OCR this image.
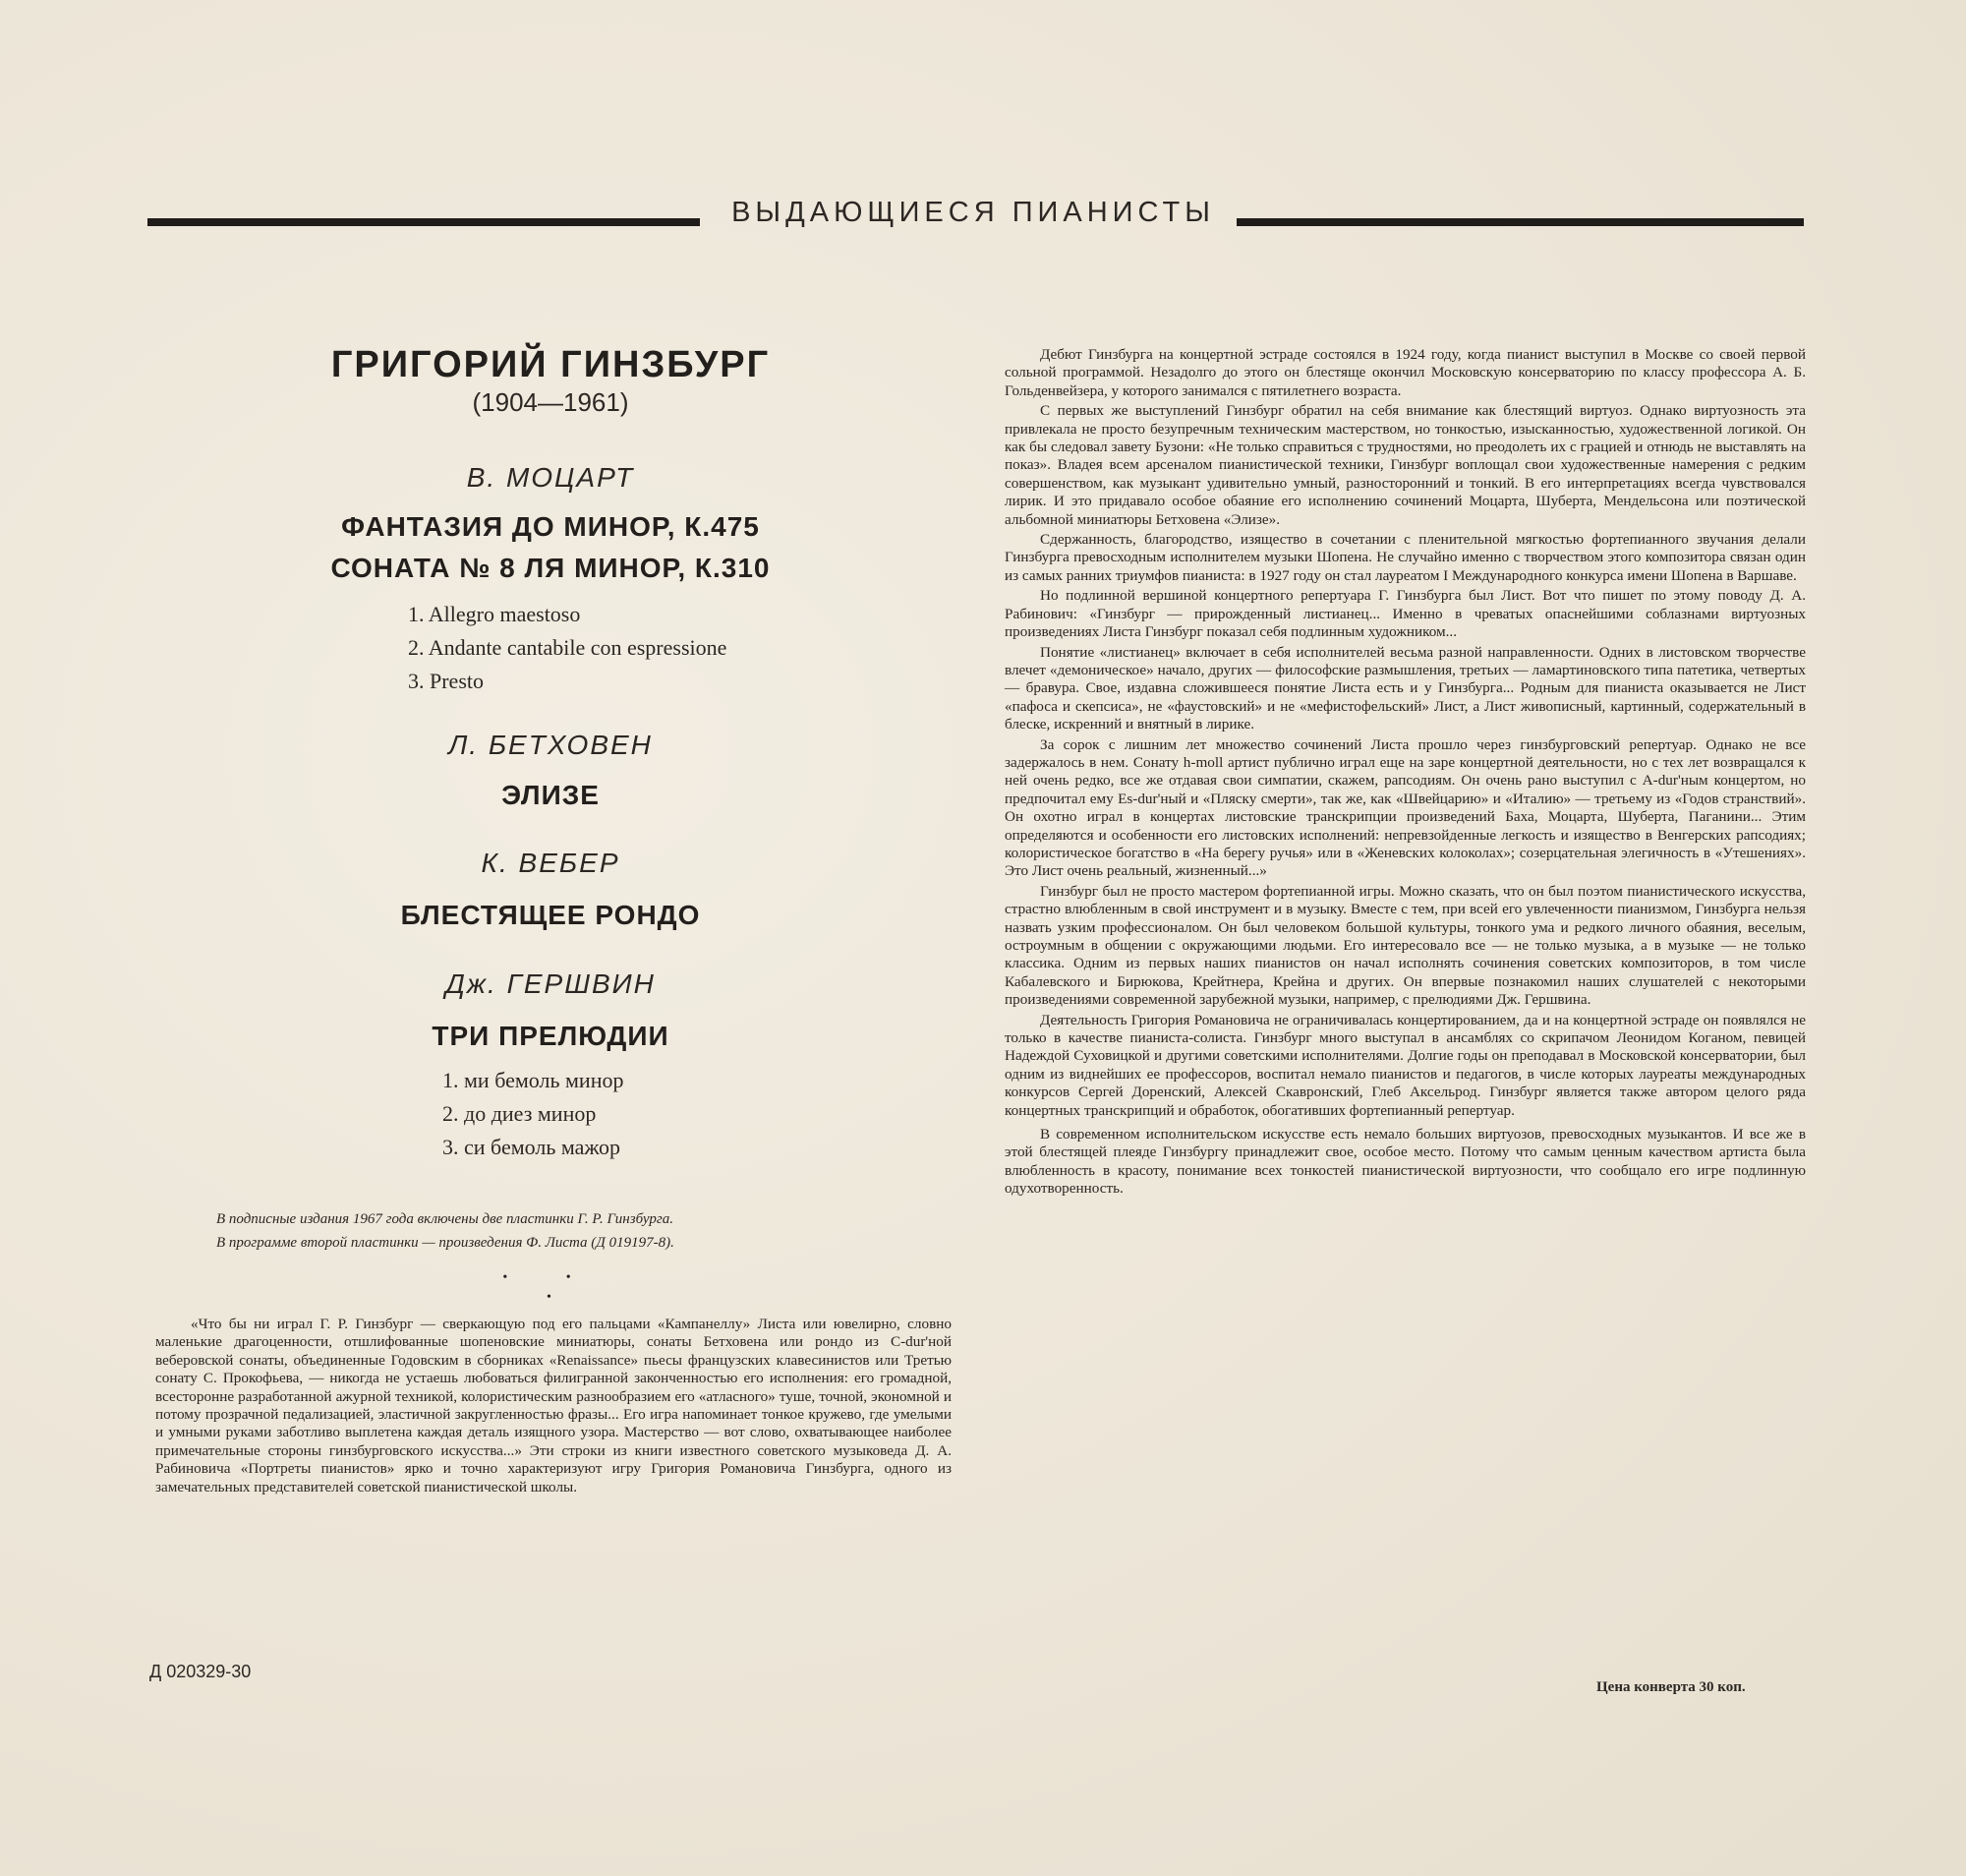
ВЫДАЮЩИЕСЯ ПИАНИСТЫ
ГРИГОРИЙ ГИНЗБУРГ
(1904—1961)
В. МОЦАРТ
ФАНТАЗИЯ ДО МИНОР, К.475
СОНАТА № 8 ЛЯ МИНОР, К.310
1. Allegro maestoso
2. Andante cantabile con espressione
3. Presto
Л. БЕТХОВЕН
ЭЛИЗЕ
К. ВЕБЕР
БЛЕСТЯЩЕЕ РОНДО
Дж. ГЕРШВИН
ТРИ ПРЕЛЮДИИ
1. ми бемоль минор
2. до диез минор
3. си бемоль мажор
В подписные издания 1967 года включены две пластинки Г. Р. Гинзбурга.
В программе второй пластинки — произведения Ф. Листа (Д 019197-8).
• •
•

«Что бы ни играл Г. Р. Гинзбург — сверкающую под его пальцами «Кампанеллу» Листа или ювелирно, словно маленькие драгоценности, отшлифованные шопеновские миниатюры, сонаты Бетховена или рондо из C-dur'ной веберовской сонаты, объединенные Годовским в сборниках «Renaissance» пьесы французских клавесинистов или Третью сонату С. Прокофьева, — никогда не устаешь любоваться филигранной законченностью его исполнения: его громадной, всесторонне разработанной ажурной техникой, колористическим разнообразием его «атласного» туше, точной, экономной и потому прозрачной педализацией, эластичной закругленностью фразы... Его игра напоминает тонкое кружево, где умелыми и умными руками заботливо выплетена каждая деталь изящного узора. Мастерство — вот слово, охватывающее наиболее примечательные стороны гинзбурговского искусства...» Эти строки из книги известного советского музыковеда Д. А. Рабиновича «Портреты пианистов» ярко и точно характеризуют игру Григория Романовича Гинзбурга, одного из замечательных представителей советской пианистической школы.

Д 020329-30

Дебют Гинзбурга на концертной эстраде состоялся в 1924 году, когда пианист выступил в Москве со своей первой сольной программой. Незадолго до этого он блестяще окончил Московскую консерваторию по классу профессора А. Б. Гольденвейзера, у которого занимался с пятилетнего возраста.

С первых же выступлений Гинзбург обратил на себя внимание как блестящий виртуоз. Однако виртуозность эта привлекала не просто безупречным техническим мастерством, но тонкостью, изысканностью, художественной логикой. Он как бы следовал завету Бузони: «Не только справиться с трудностями, но преодолеть их с грацией и отнюдь не выставлять на показ». Владея всем арсеналом пианистической техники, Гинзбург воплощал свои художественные намерения с редким совершенством, как музыкант удивительно умный, разносторонний и тонкий. В его интерпретациях всегда чувствовался лирик. И это придавало особое обаяние его исполнению сочинений Моцарта, Шуберта, Мендельсона или поэтической альбомной миниатюры Бетховена «Элизе».

Сдержанность, благородство, изящество в сочетании с пленительной мягкостью фортепианного звучания делали Гинзбурга превосходным исполнителем музыки Шопена. Не случайно именно с творчеством этого композитора связан один из самых ранних триумфов пианиста: в 1927 году он стал лауреатом I Международного конкурса имени Шопена в Варшаве.

Но подлинной вершиной концертного репертуара Г. Гинзбурга был Лист. Вот что пишет по этому поводу Д. А. Рабинович: «Гинзбург — прирожденный листианец... Именно в чреватых опаснейшими соблазнами виртуозных произведениях Листа Гинзбург показал себя подлинным художником...

Понятие «листианец» включает в себя исполнителей весьма разной направленности. Одних в листовском творчестве влечет «демоническое» начало, других — философские размышления, третьих — ламартиновского типа патетика, четвертых — бравура. Свое, издавна сложившееся понятие Листа есть и у Гинзбурга... Родным для пианиста оказывается не Лист «пафоса и скепсиса», не «фаустовский» и не «мефистофельский» Лист, а Лист живописный, картинный, содержательный в блеске, искренний и внятный в лирике.

За сорок с лишним лет множество сочинений Листа прошло через гинзбурговский репертуар. Однако не все задержалось в нем. Сонату h-moll артист публично играл еще на заре концертной деятельности, но с тех лет возвращался к ней очень редко, все же отдавая свои симпатии, скажем, рапсодиям. Он очень рано выступил с A-dur'ным концертом, но предпочитал ему Es-dur'ный и «Пляску смерти», так же, как «Швейцарию» и «Италию» — третьему из «Годов странствий». Он охотно играл в концертах листовские транскрипции произведений Баха, Моцарта, Шуберта, Паганини... Этим определяются и особенности его листовских исполнений: непревзойденные легкость и изящество в Венгерских рапсодиях; колористическое богатство в «На берегу ручья» или в «Женевских колоколах»; созерцательная элегичность в «Утешениях». Это Лист очень реальный, жизненный...»

Гинзбург был не просто мастером фортепианной игры. Можно сказать, что он был поэтом пианистического искусства, страстно влюбленным в свой инструмент и в музыку. Вместе с тем, при всей его увлеченности пианизмом, Гинзбурга нельзя назвать узким профессионалом. Он был человеком большой культуры, тонкого ума и редкого личного обаяния, веселым, остроумным в общении с окружающими людьми. Его интересовало все — не только музыка, а в музыке — не только классика. Одним из первых наших пианистов он начал исполнять сочинения советских композиторов, в том числе Кабалевского и Бирюкова, Крейтнера, Крейна и других. Он впервые познакомил наших слушателей с некоторыми произведениями современной зарубежной музыки, например, с прелюдиями Дж. Гершвина.

Деятельность Григория Романовича не ограничивалась концертированием, да и на концертной эстраде он появлялся не только в качестве пианиста-солиста. Гинзбург много выступал в ансамблях со скрипачом Леонидом Коганом, певицей Надеждой Суховицкой и другими советскими исполнителями. Долгие годы он преподавал в Московской консерватории, был одним из виднейших ее профессоров, воспитал немало пианистов и педагогов, в числе которых лауреаты международных конкурсов Сергей Доренский, Алексей Скавронский, Глеб Аксельрод. Гинзбург является также автором целого ряда концертных транскрипций и обработок, обогативших фортепианный репертуар.

В современном исполнительском искусстве есть немало больших виртуозов, превосходных музыкантов. И все же в этой блестящей плеяде Гинзбургу принадлежит свое, особое место. Потому что самым ценным качеством артиста была влюбленность в красоту, понимание всех тонкостей пианистической виртуозности, что сообщало его игре подлинную одухотворенность.

Цена конверта 30 коп.
